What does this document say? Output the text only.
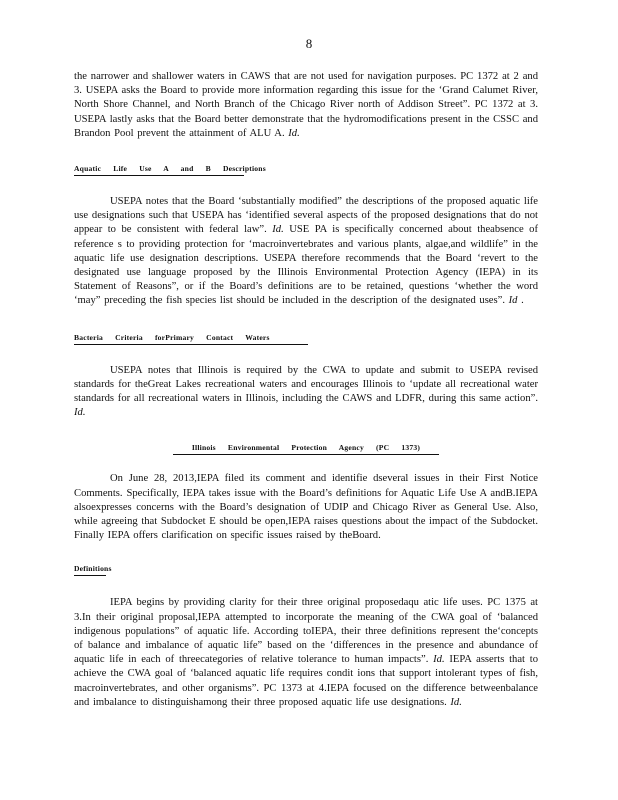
8

the narrower and shallower waters in CAWS that are not used for navigation purposes. PC 1372 at 2 and 3. USEPA asks the Board to provide more information regarding this issue for the ‘Grand Calumet River, North Shore Channel, and North Branch of the Chicago River north of Addison Street”. PC 1372 at 3. USEPA lastly asks that the Board better demonstrate that the hydromodifications present in the CSSC and Brandon Pool prevent the attainment of ALU A. Id.

Aquatic Life Use A and B Descriptions

USEPA notes that the Board ‘substantially modified” the descriptions of the proposed aquatic life use designations such that USEPA has ‘identified several aspects of the proposed designations that do not appear to be consistent with federal law”. Id. USE PA is specifically concerned about theabsence of reference s to providing protection for ‘macroinvertebrates and various plants, algae,and wildlife” in the aquatic life use designation descriptions. USEPA therefore recommends that the Board ‘revert to the designated use language proposed by the Illinois Environmental Protection Agency (IEPA) in its Statement of Reasons”, or if the Board’s definitions are to be retained, questions ‘whether the word ‘may” preceding the fish species list should be included in the description of the designated uses”. Id .

Bacteria Criteria forPrimary Contact Waters

USEPA notes that Illinois is required by the CWA to update and submit to USEPA revised standards for theGreat Lakes recreational waters and encourages Illinois to ‘update all recreational water standards for all recreational waters in Illinois, including the CAWS and LDFR, during this same action”. Id.

Illinois Environmental Protection Agency (PC 1373)

On June 28, 2013,IEPA filed its comment and identifie dseveral issues in their First Notice Comments. Specifically, IEPA takes issue with the Board’s definitions for Aquatic Life Use A andB.IEPA alsoexpresses concerns with the Board’s designation of UDIP and Chicago River as General Use. Also, while agreeing that Subdocket E should be open,IEPA raises questions about the impact of the Subdocket. Finally IEPA offers clarification on specific issues raised by theBoard.

Definitions

IEPA begins by providing clarity for their three original proposedaqu atic life uses. PC 1375 at 3.In their original proposal,IEPA attempted to incorporate the meaning of the CWA goal of ‘balanced indigenous populations” of aquatic life. According toIEPA, their three definitions represent the‘concepts of balance and imbalance of aquatic life” based on the ‘differences in the presence and abundance of aquatic life in each of threecategories of relative tolerance to human impacts”. Id. IEPA asserts that to achieve the CWA goal of ‘balanced aquatic life requires condit ions that support intolerant types of fish, macroinvertebrates, and other organisms”. PC 1373 at 4.IEPA focused on the difference betweenbalance and imbalance to distinguishamong their three proposed aquatic life use designations. Id.
